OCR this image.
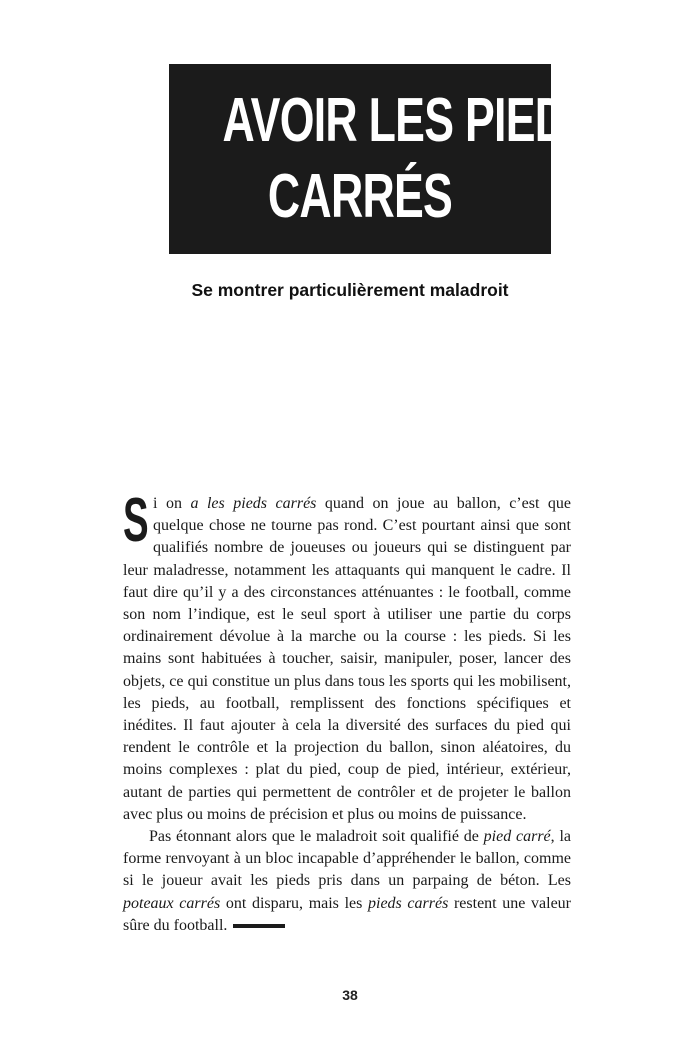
AVOIR LES PIEDS
CARRÉS
Se montrer particulièrement maladroit

Si on a les pieds carrés quand on joue au ballon, c’est que quelque chose ne tourne pas rond. C’est pourtant ainsi que sont qualifiés nombre de joueuses ou joueurs qui se distinguent par leur maladresse, notamment les attaquants qui manquent le cadre. Il faut dire qu’il y a des circonstances atténuantes : le football, comme son nom l’indique, est le seul sport à utiliser une partie du corps ordinairement dévolue à la marche ou la course : les pieds. Si les mains sont habituées à toucher, saisir, manipuler, poser, lancer des objets, ce qui constitue un plus dans tous les sports qui les mobilisent, les pieds, au football, remplissent des fonctions spécifiques et inédites. Il faut ajouter à cela la diversité des surfaces du pied qui rendent le contrôle et la projection du ballon, sinon aléatoires, du moins complexes : plat du pied, coup de pied, intérieur, extérieur, autant de parties qui permettent de contrôler et de projeter le ballon avec plus ou moins de précision et plus ou moins de puissance.

Pas étonnant alors que le maladroit soit qualifié de pied carré, la forme renvoyant à un bloc incapable d’appréhender le ballon, comme si le joueur avait les pieds pris dans un parpaing de béton. Les poteaux carrés ont disparu, mais les pieds carrés restent une valeur sûre du football.

38
